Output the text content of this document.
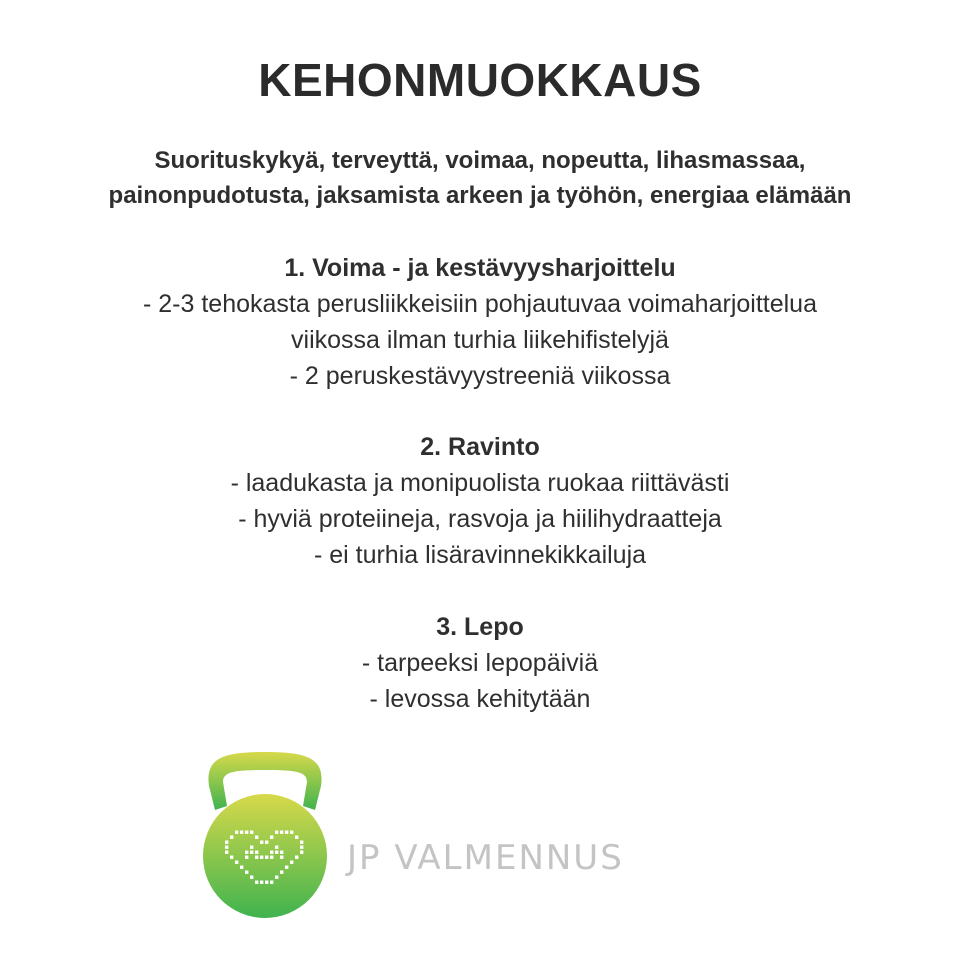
KEHONMUOKKAUS
Suorituskykyä, terveyttä, voimaa, nopeutta, lihasmassaa,
painonpudotusta, jaksamista arkeen ja työhön, energiaa elämään
1. Voima - ja kestävyysharjoittelu
- 2-3 tehokasta perusliikkeisiin pohjautuvaa voimaharjoittelua
viikossa ilman turhia liikehifistelyjä
- 2 peruskestävyystreeniä viikossa
2. Ravinto
- laadukasta ja monipuolista ruokaa riittävästi
- hyviä proteiineja, rasvoja ja hiilihydraatteja
- ei turhia lisäravinnekikkailuja
3. Lepo
- tarpeeksi lepopäiviä
- levossa kehitytään
JP VALMENNUS
